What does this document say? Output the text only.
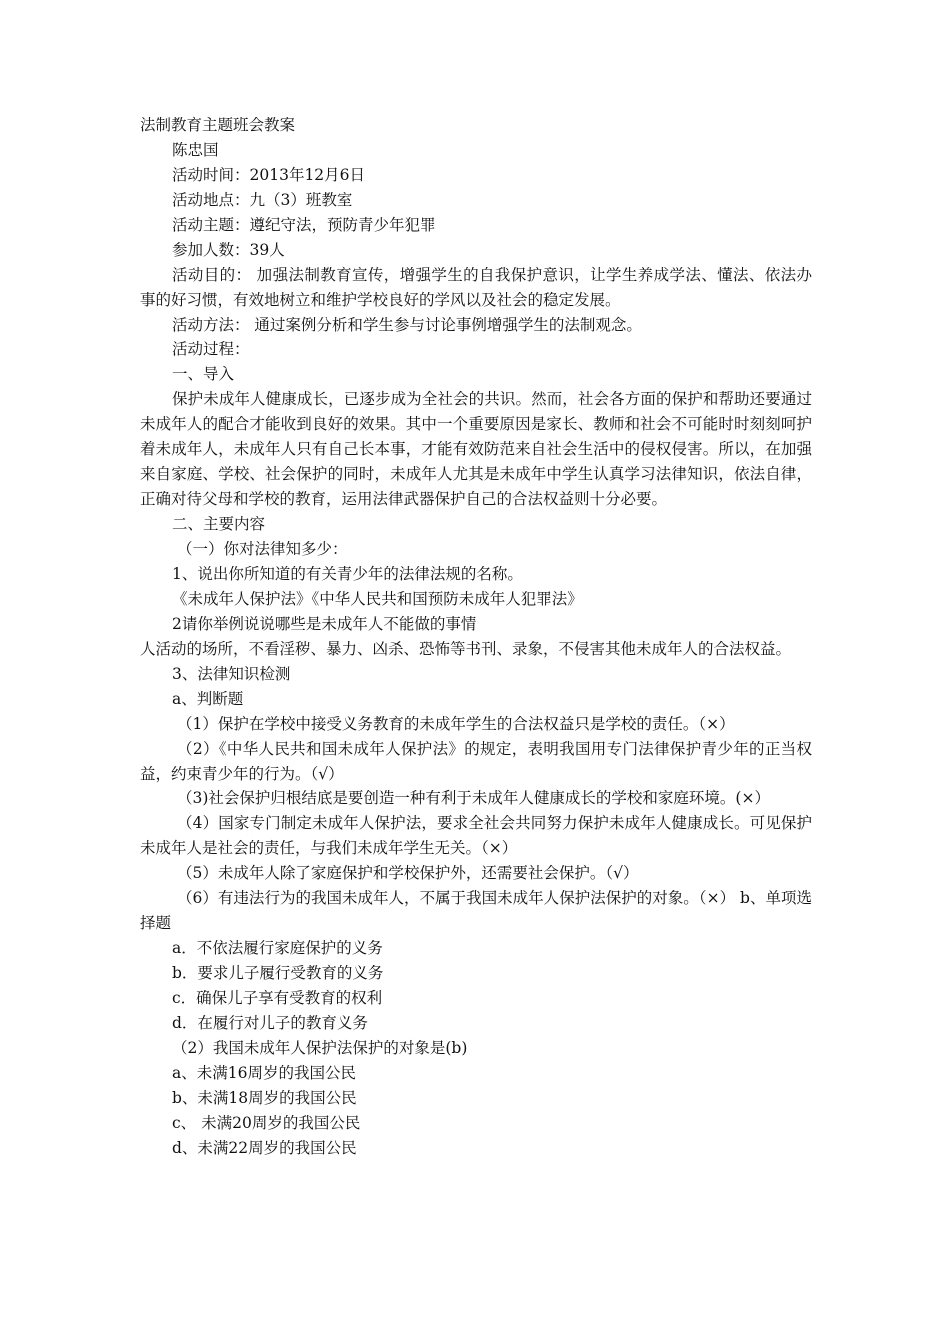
法制教育主题班会教案
陈忠国
活动时间：2013年12月6日
活动地点：九（3）班教室
活动主题：遵纪守法，预防青少年犯罪
参加人数：39人
活动目的： 加强法制教育宣传，增强学生的自我保护意识，让学生养成学法、懂法、依法办事的好习惯，有效地树立和维护学校良好的学风以及社会的稳定发展。
活动方法： 通过案例分析和学生参与讨论事例增强学生的法制观念。
活动过程：
一、导入
保护未成年人健康成长，已逐步成为全社会的共识。然而，社会各方面的保护和帮助还要通过未成年人的配合才能收到良好的效果。其中一个重要原因是家长、教师和社会不可能时时刻刻呵护着未成年人，未成年人只有自己长本事，才能有效防范来自社会生活中的侵权侵害。所以，在加强来自家庭、学校、社会保护的同时，未成年人尤其是未成年中学生认真学习法律知识，依法自律，正确对待父母和学校的教育，运用法律武器保护自己的合法权益则十分必要。
二、主要内容
（一）你对法律知多少：
1、说出你所知道的有关青少年的法律法规的名称。
《未成年人保护法》《中华人民共和国预防未成年人犯罪法》
2请你举例说说哪些是未成年人不能做的事情
人活动的场所，不看淫秽、暴力、凶杀、恐怖等书刊、录象，不侵害其他未成年人的合法权益。
3、法律知识检测
a、判断题
（1）保护在学校中接受义务教育的未成年学生的合法权益只是学校的责任。（×）
（2）《中华人民共和国未成年人保护法》的规定，表明我国用专门法律保护青少年的正当权益，约束青少年的行为。（√）
（3)社会保护归根结底是要创造一种有利于未成年人健康成长的学校和家庭环境。(×）
（4）国家专门制定未成年人保护法，要求全社会共同努力保护未成年人健康成长。可见保护未成年人是社会的责任，与我们未成年学生无关。（×）
（5）未成年人除了家庭保护和学校保护外，还需要社会保护。（√）
（6）有违法行为的我国未成年人，不属于我国未成年人保护法保护的对象。（×） b、单项选择题
a．不依法履行家庭保护的义务
b．要求儿子履行受教育的义务
c．确保儿子享有受教育的权利
d．在履行对儿子的教育义务
（2）我国未成年人保护法保护的对象是(b)
a、未满16周岁的我国公民
b、未满18周岁的我国公民
c、 未满20周岁的我国公民
d、未满22周岁的我国公民
